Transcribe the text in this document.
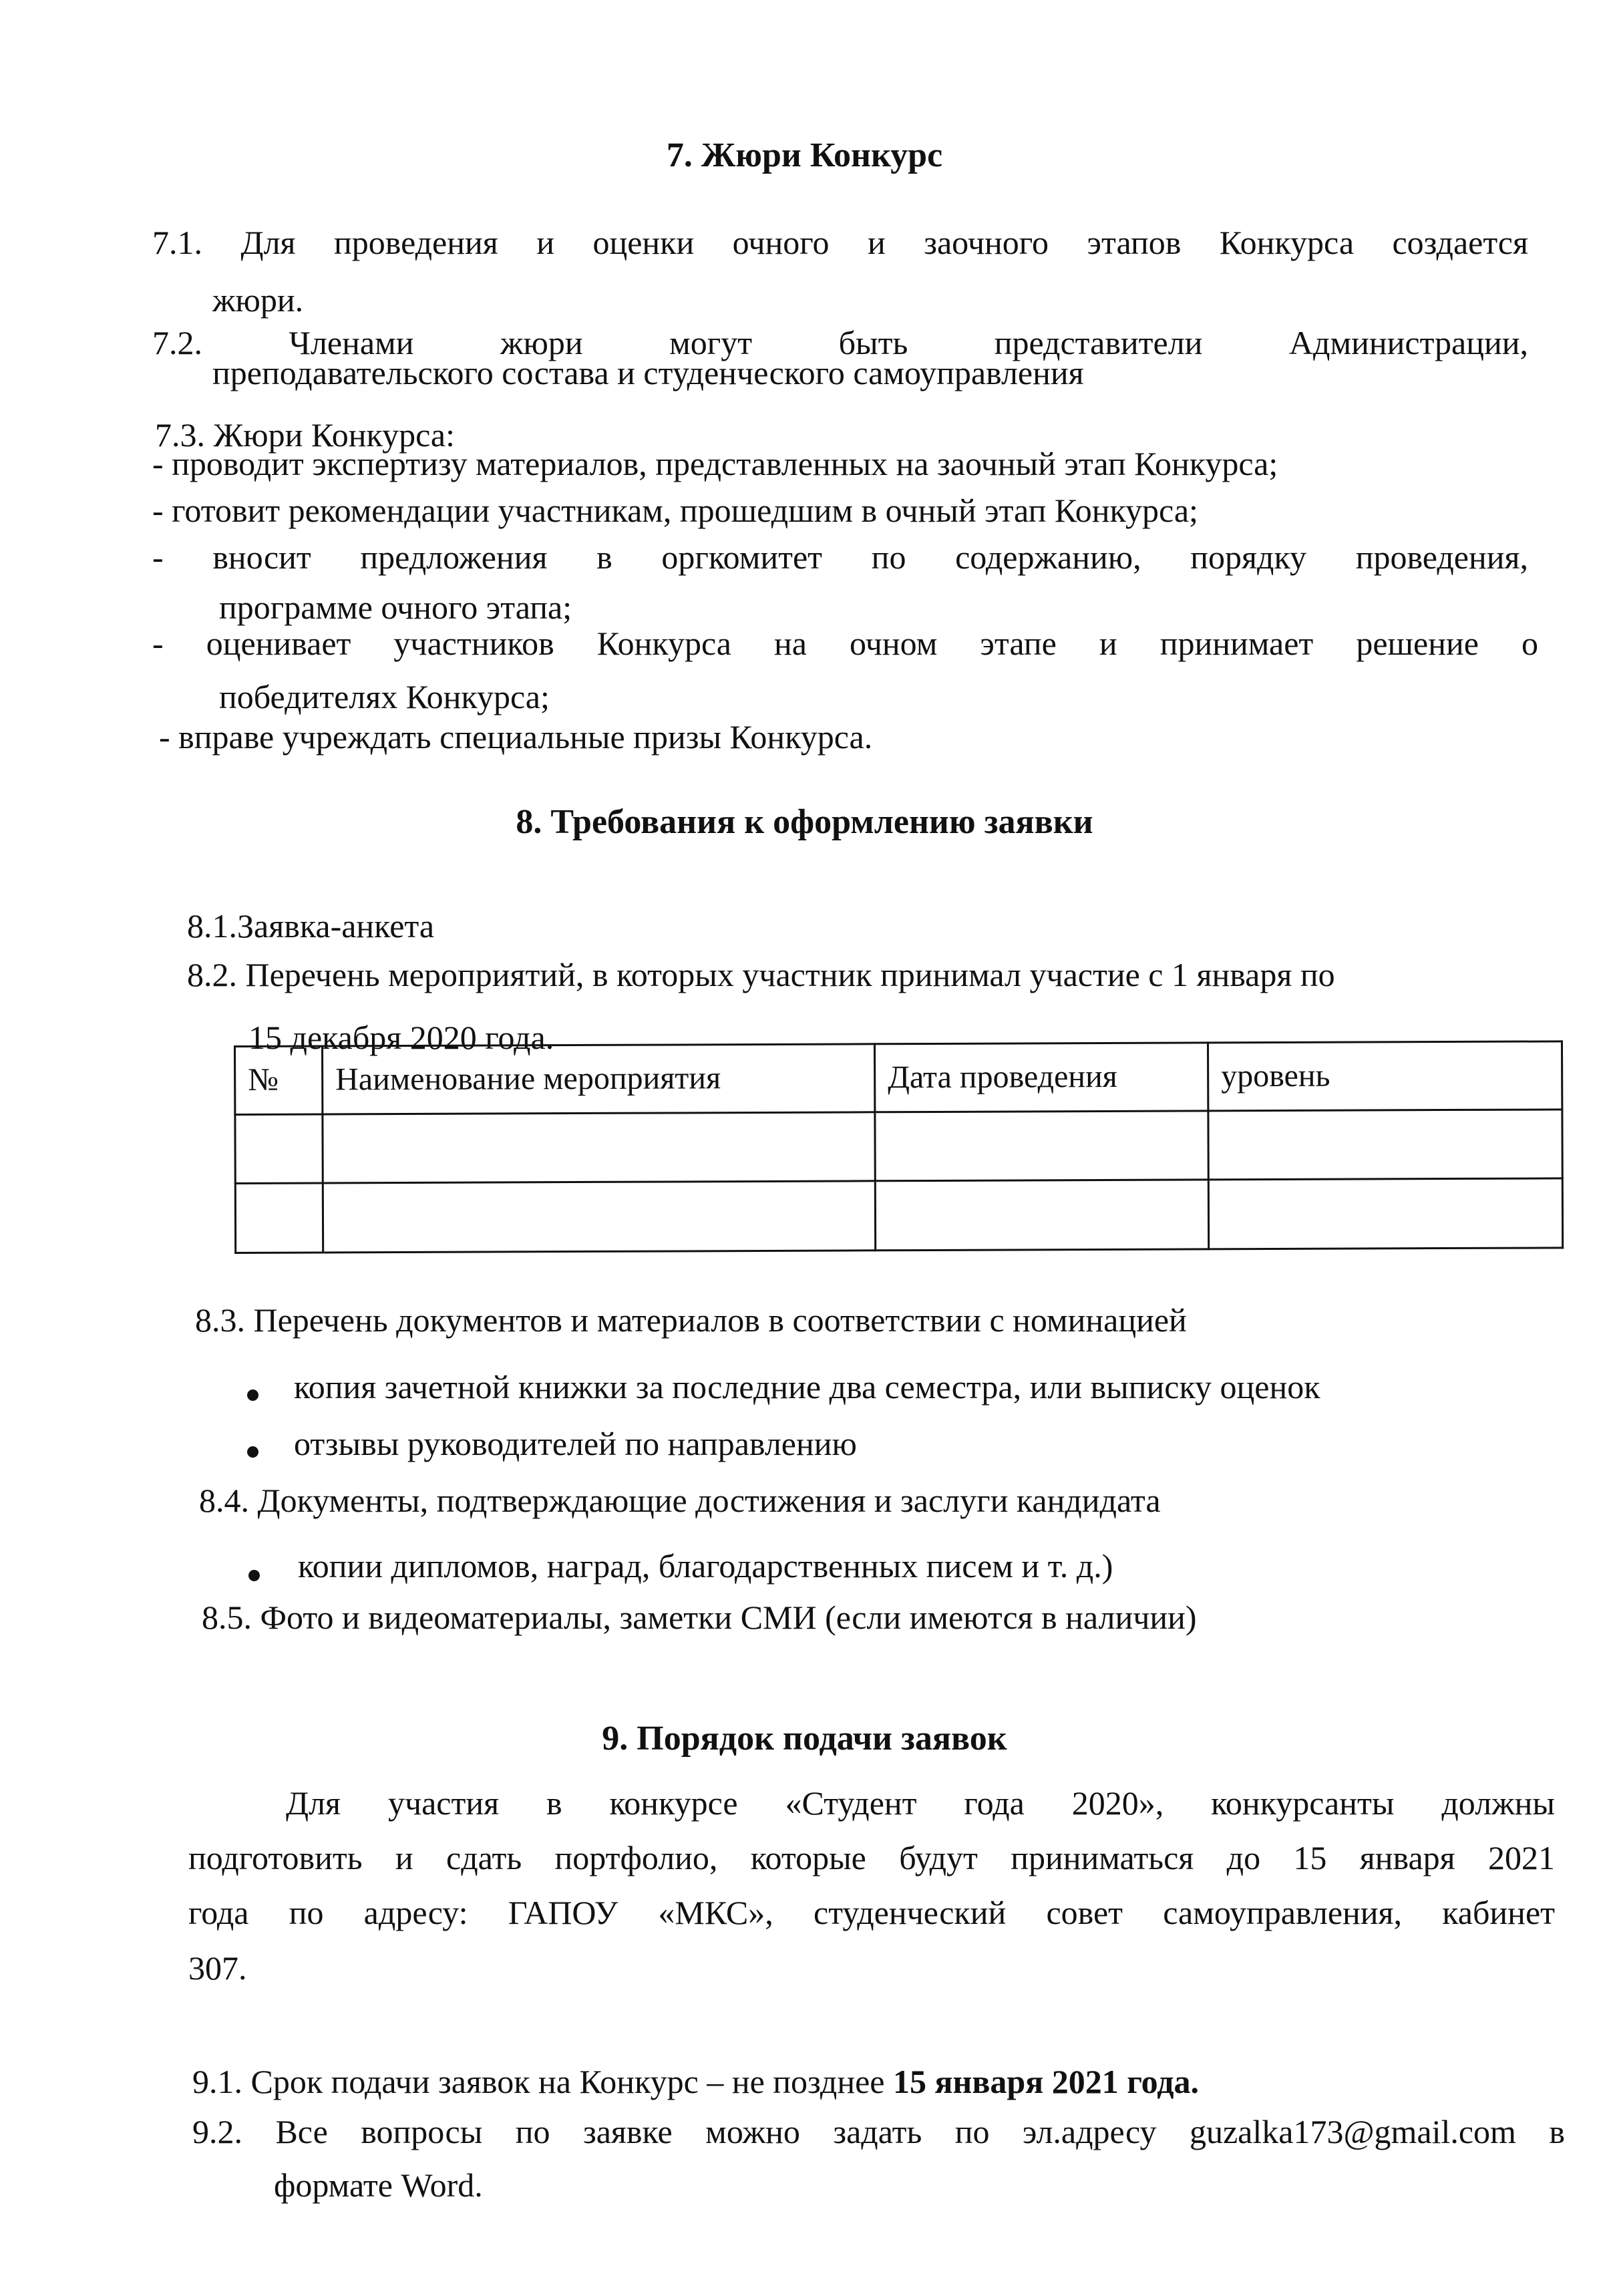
7. Жюри Конкурс
7.1. Для проведения и оценки очного и заочного этапов Конкурса создается
жюри.
7.2. Членами жюри могут быть представители Администрации,
преподавательского состава и студенческого самоуправления
7.3. Жюри Конкурса:
- проводит экспертизу материалов, представленных на заочный этап Конкурса;
- готовит рекомендации участникам, прошедшим в очный этап Конкурса;
- вносит предложения в оргкомитет по содержанию, порядку проведения,
программе очного этапа;
- оценивает участников Конкурса на очном этапе и принимает решение о
победителях Конкурса;
- вправе учреждать специальные призы Конкурса.
8. Требования к оформлению заявки
8.1.Заявка-анкета
8.2. Перечень мероприятий, в которых участник принимал участие с 1 января по
15 декабря 2020 года.
№	Наименование мероприятия	Дата проведения	уровень

8.3. Перечень документов и материалов в соответствии с номинацией
копия зачетной книжки за последние два семестра, или выписку оценок
отзывы руководителей по направлению
8.4. Документы, подтверждающие достижения и заслуги кандидата
копии дипломов, наград, благодарственных писем и т. д.)
8.5. Фото и видеоматериалы, заметки СМИ (если имеются в наличии)
9. Порядок подачи заявок
Для участия в конкурсе «Студент года 2020», конкурсанты должны
подготовить и сдать портфолио, которые будут приниматься до 15 января 2021
года по адресу: ГАПОУ «МКС», студенческий совет самоуправления, кабинет
307.
9.1. Срок подачи заявок на Конкурс – не позднее 15 января 2021 года.
9.2. Все вопросы по заявке можно задать по эл.адресу guzalka173@gmail.com в
формате Word.
